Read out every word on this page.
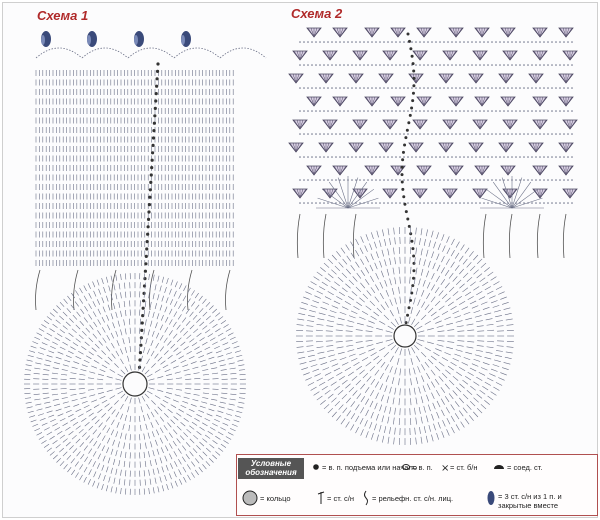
Схема 1	Схема 2
Условные
обозначения	×
= в. п. подъема или начало
= в. п. = ст. б/н	= соед. ст.
= кольцо	= ст. с/н = рельефн. ст. с/н. лиц.	= 3 ст. с/н из 1 п. и закрытые вместе
